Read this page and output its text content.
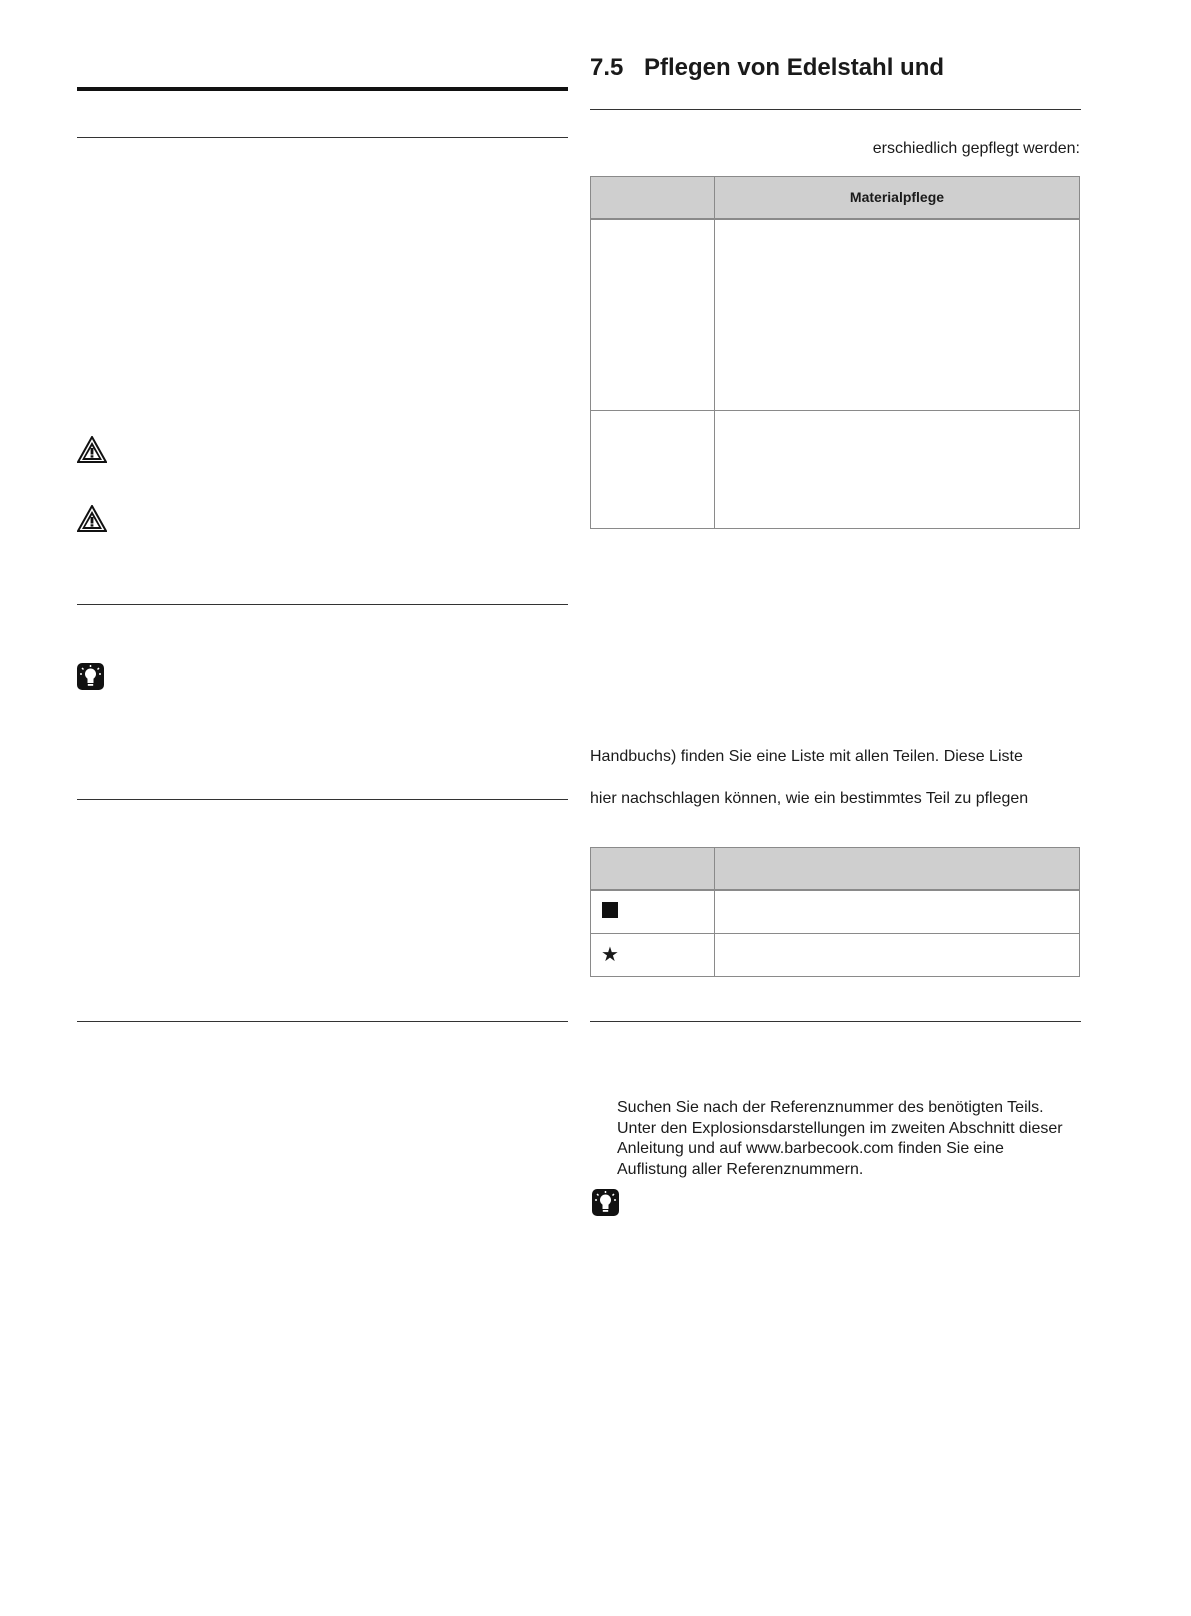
7.5 Pflegen von Edelstahl und
erschiedlich gepflegt werden:
	Materialpflege

Handbuchs) finden Sie eine Liste mit allen Teilen. Diese Liste
hier nachschlagen können, wie ein bestimmtes Teil zu pflegen

★	
Suchen Sie nach der Referenznummer des benötigten Teils.
Unter den Explosionsdarstellungen im zweiten Abschnitt dieser
Anleitung und auf www.barbecook.com finden Sie eine
Auflistung aller Referenznummern.
